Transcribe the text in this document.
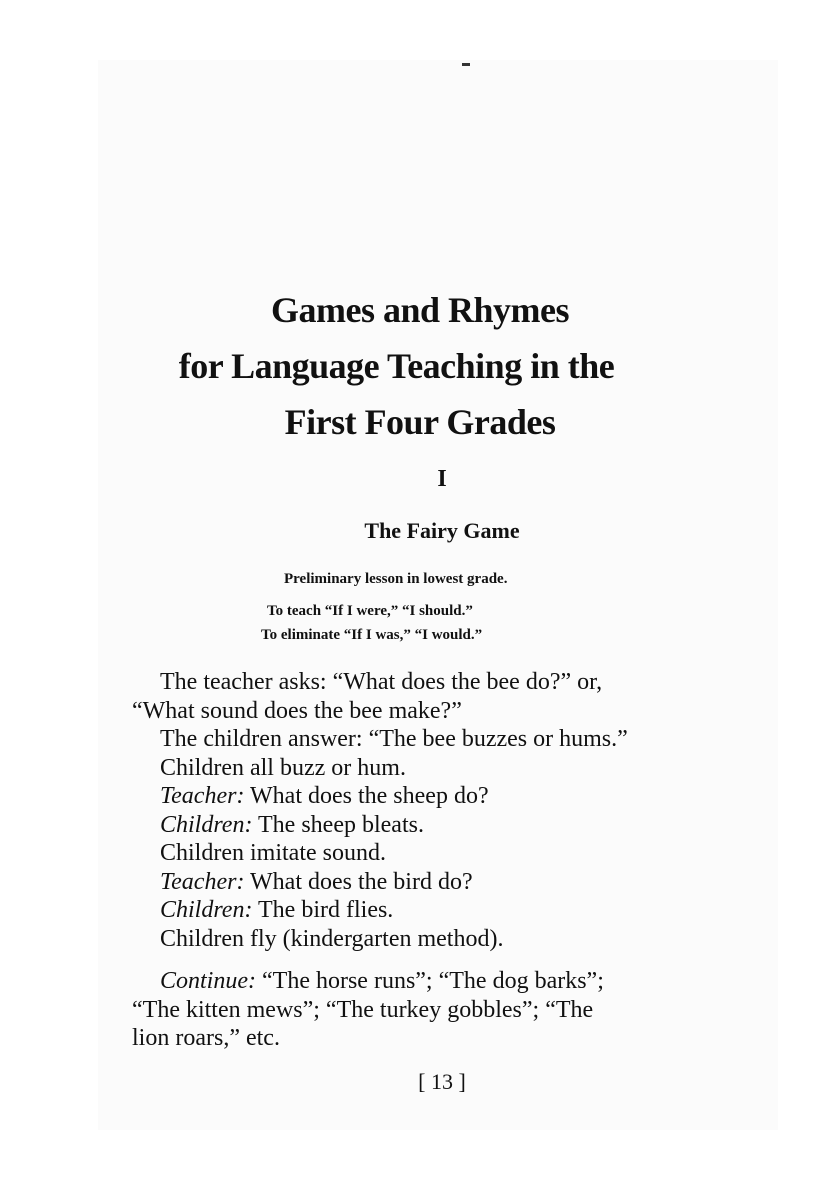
Games and Rhymes
for Language Teaching in the
First Four Grades
I
The Fairy Game
Preliminary lesson in lowest grade.
To teach “If I were,” “I should.”
To eliminate “If I was,” “I would.”
The teacher asks: “What does the bee do?” or,
“What sound does the bee make?”
The children answer: “The bee buzzes or hums.”
Children all buzz or hum.
Teacher: What does the sheep do?
Children: The sheep bleats.
Children imitate sound.
Teacher: What does the bird do?
Children: The bird flies.
Children fly (kindergarten method).
Continue: “The horse runs”; “The dog barks”;
“The kitten mews”; “The turkey gobbles”; “The
lion roars,” etc.
[ 13 ]
